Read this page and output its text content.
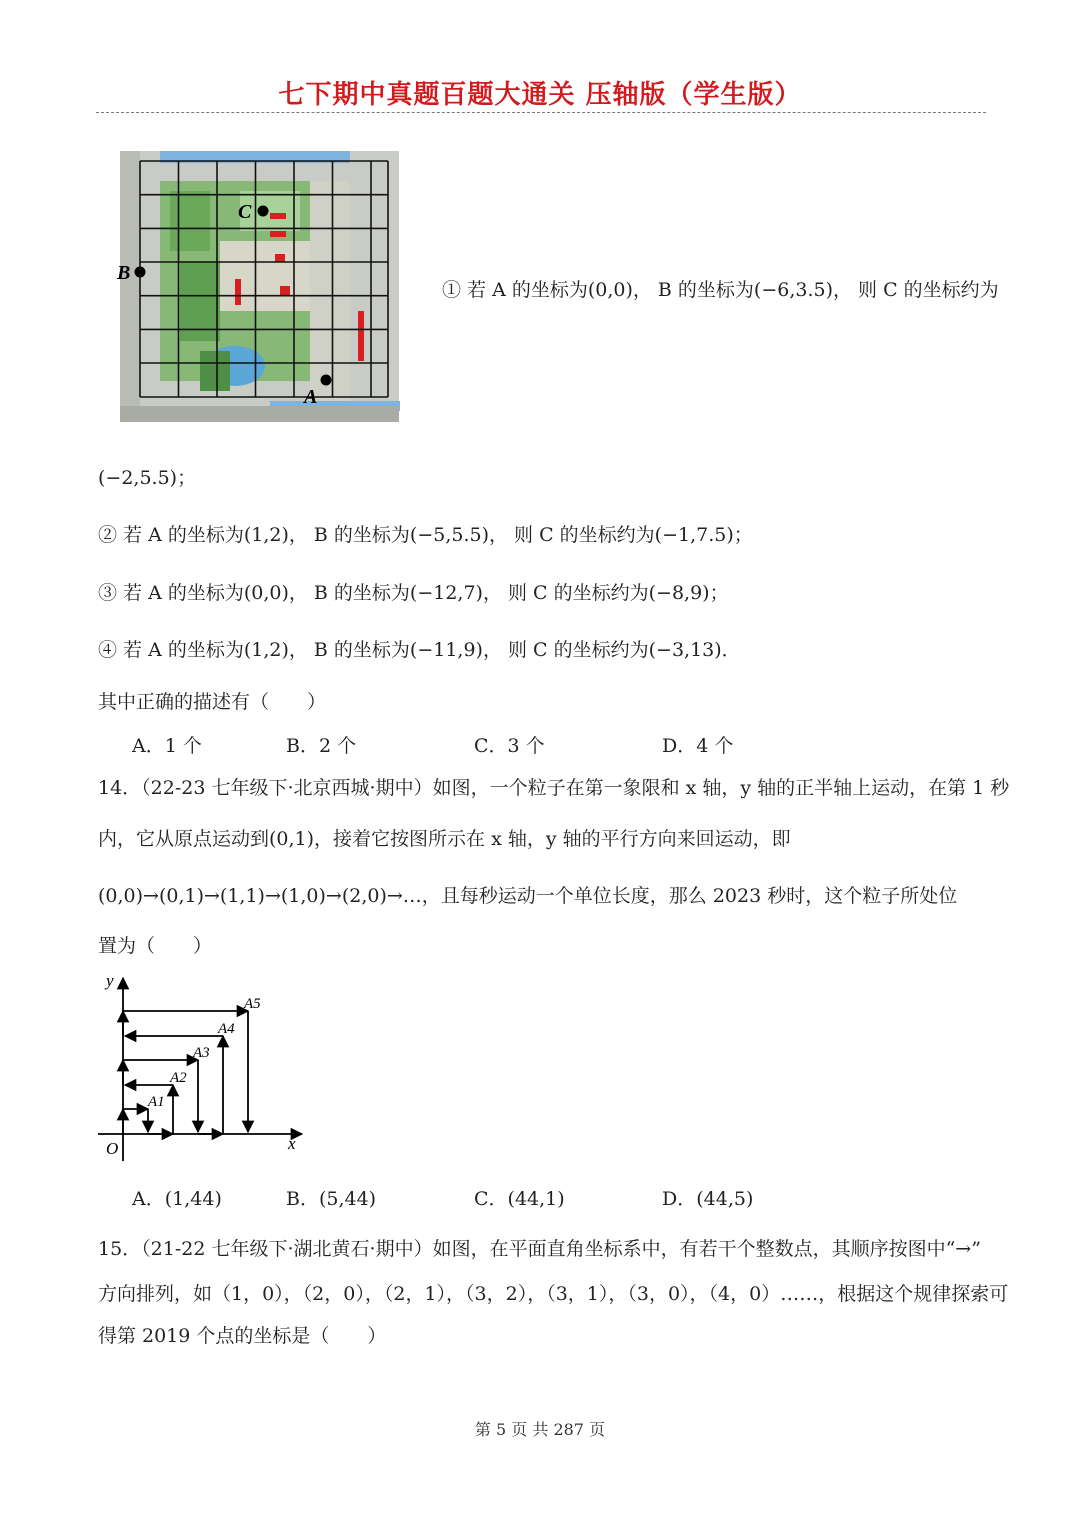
七下期中真题百题大通关 压轴版（学生版）
C
B
A
① 若 A 的坐标为(0,0)， B 的坐标为(−6,3.5)， 则 C 的坐标约为
(−2,5.5)；
② 若 A 的坐标为(1,2)， B 的坐标为(−5,5.5)， 则 C 的坐标约为(−1,7.5)；
③ 若 A 的坐标为(0,0)， B 的坐标为(−12,7)， 则 C 的坐标约为(−8,9)；
④ 若 A 的坐标为(1,2)， B 的坐标为(−11,9)， 则 C 的坐标约为(−3,13)．
其中正确的描述有（　　）
A．1 个	B．2 个	C．3 个	D．4 个
14．（22-23 七年级下·北京西城·期中）如图，一个粒子在第一象限和 x 轴，y 轴的正半轴上运动，在第 1 秒
内，它从原点运动到(0,1)，接着它按图所示在 x 轴，y 轴的平行方向来回运动，即
(0,0)→(0,1)→(1,1)→(1,0)→(2,0)→…，且每秒运动一个单位长度，那么 2023 秒时，这个粒子所处位
置为（　　）
y
x
O
A1
A2
A3
A4
A5
A．(1,44)	B．(5,44)	C．(44,1)	D．(44,5)
15．（21-22 七年级下·湖北黄石·期中）如图，在平面直角坐标系中，有若干个整数点，其顺序按图中“→”
方向排列，如（1，0），（2，0），（2，1），（3，2），（3，1），（3，0），（4，0）……，根据这个规律探索可
得第 2019 个点的坐标是（　　）
第 5 页 共 287 页
